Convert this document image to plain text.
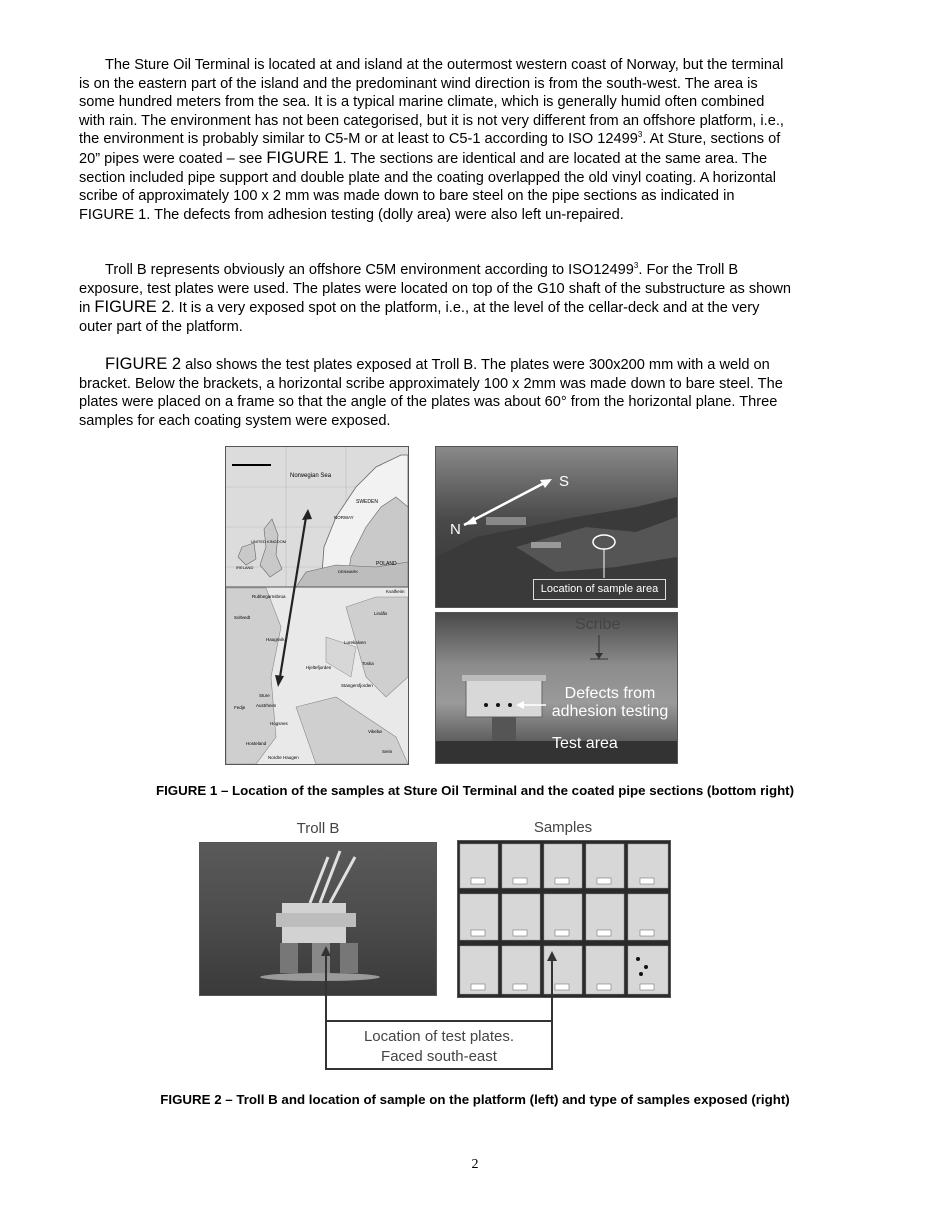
The Sture Oil Terminal is located at and island at the outermost western coast of Norway, but the terminal is on the eastern part of the island and the predominant wind direction is from the south-west. The area is some hundred meters from the sea. It is a typical marine climate, which is generally humid often combined with rain. The environment has not been categorised, but it is not very different from an offshore platform, i.e., the environment is probably similar to C5-M or at least to C5-1 according to ISO 12499$^3$. At Sture, sections of 20” pipes were coated – see FIGURE 1. The sections are identical and are located at the same area. The section included pipe support and double plate and the coating overlapped the old vinyl coating. A horizontal scribe of approximately 100 x 2 mm was made down to bare steel on the pipe sections as indicated in FIGURE 1. The defects from adhesion testing (dolly area) were also left un-repaired.

Troll B represents obviously an offshore C5M environment according to ISO12499$^3$. For the Troll B exposure, test plates were used. The plates were located on top of the G10 shaft of the substructure as shown in FIGURE 2. It is a very exposed spot on the platform, i.e., at the level of the cellar-deck and at the very outer part of the platform.

FIGURE 2 also shows the test plates exposed at Troll B. The plates were 300x200 mm with a weld on bracket. Below the brackets, a horizontal scribe approximately 100 x 2mm was made down to bare steel. The plates were placed on a frame so that the angle of the plates was about 60° from the horizontal plane. Three samples for each coating system were exposed.

Norwegian Sea
SWEDEN
NORWAY
UNITED KINGDOM
IRELAND
POLAND
DENMARK
Rubbegarnsbrua
Hjeltefjorden
Stangersfjorden
Lindås
Kvalheim
Sture
Austrheim
Fedje
Haugsvik
Toska
Lurekalven
Seim
Vikebø
Hosteland
Nordre Haugen
Soltvedt
Hogsnes
S
N
Location of sample area
Scribe
Defects from
adhesion testing
Test area
FIGURE 1 – Location of the samples at Sture Oil Terminal and the coated pipe sections (bottom right)
Troll B	Samples
Location of test plates.
Faced south-east
FIGURE 2 – Troll B and location of sample on the platform (left) and type of samples exposed (right)
2
